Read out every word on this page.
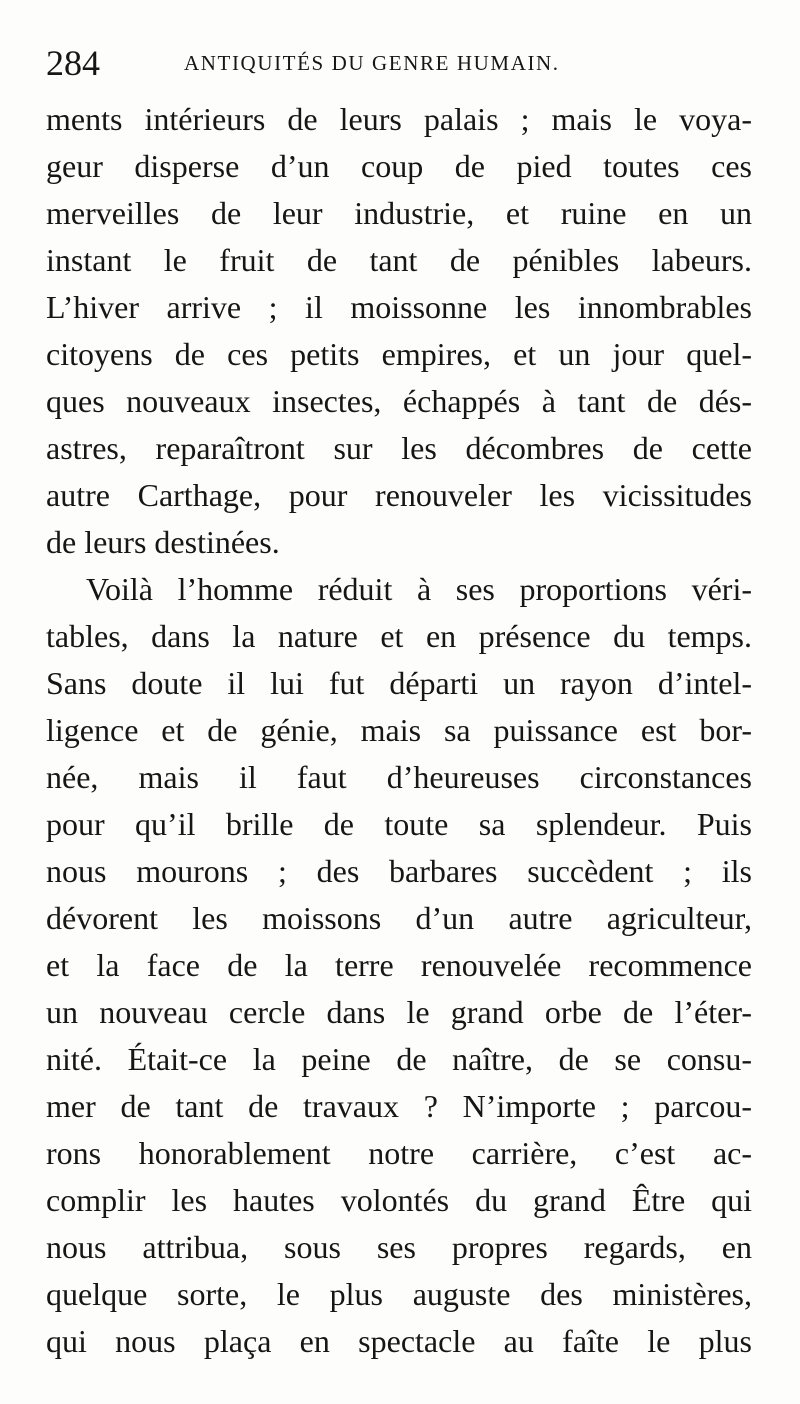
284	ANTIQUITÉS DU GENRE HUMAIN.
ments intérieurs de leurs palais ; mais le voya-
geur disperse d’un coup de pied toutes ces
merveilles de leur industrie, et ruine en un
instant le fruit de tant de pénibles labeurs.
L’hiver arrive ; il moissonne les innombrables
citoyens de ces petits empires, et un jour quel-
ques nouveaux insectes, échappés à tant de dés-
astres, reparaîtront sur les décombres de cette
autre Carthage, pour renouveler les vicissitudes
de leurs destinées.
Voilà l’homme réduit à ses proportions véri-
tables, dans la nature et en présence du temps.
Sans doute il lui fut départi un rayon d’intel-
ligence et de génie, mais sa puissance est bor-
née, mais il faut d’heureuses circonstances
pour qu’il brille de toute sa splendeur. Puis
nous mourons ; des barbares succèdent ; ils
dévorent les moissons d’un autre agriculteur,
et la face de la terre renouvelée recommence
un nouveau cercle dans le grand orbe de l’éter-
nité. Était-ce la peine de naître, de se consu-
mer de tant de travaux ? N’importe ; parcou-
rons honorablement notre carrière, c’est ac-
complir les hautes volontés du grand Être qui
nous attribua, sous ses propres regards, en
quelque sorte, le plus auguste des ministères,
qui nous plaça en spectacle au faîte le plus
